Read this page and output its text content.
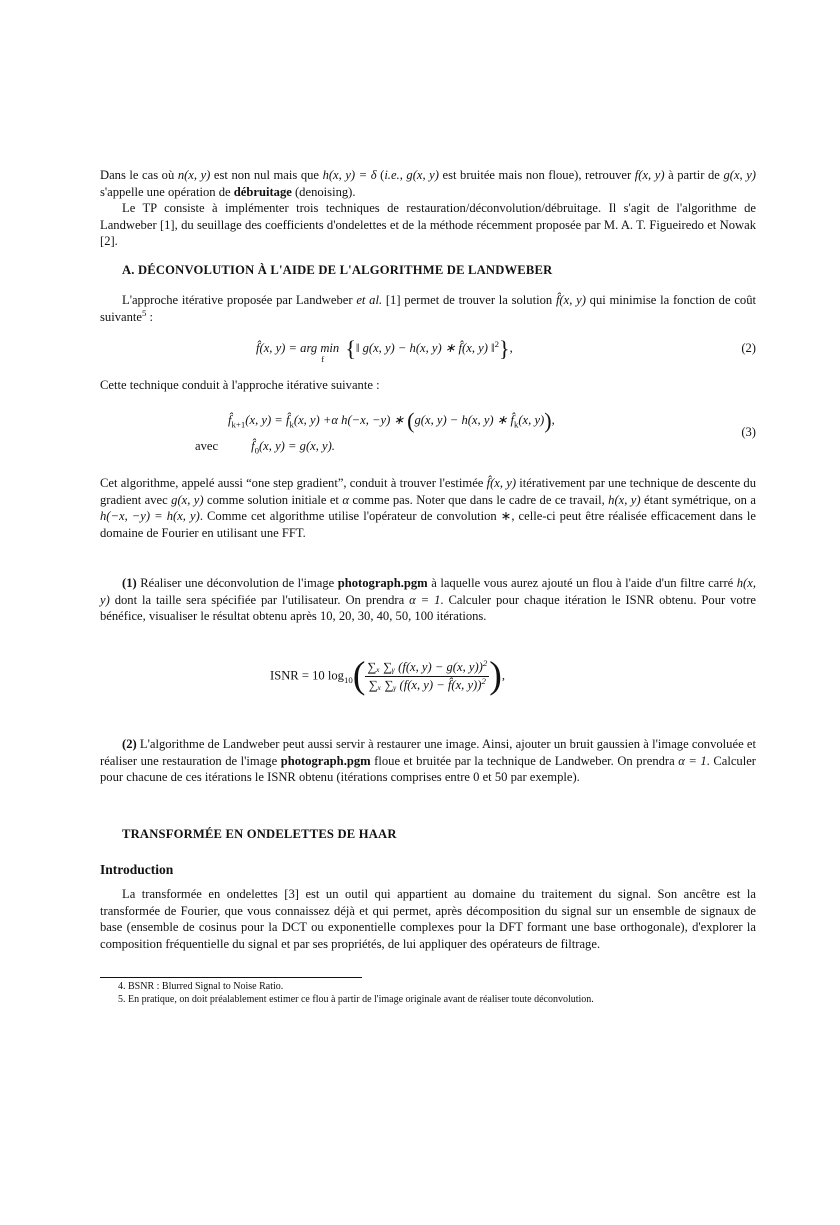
Dans le cas où n(x, y) est non nul mais que h(x, y) = δ (i.e., g(x, y) est bruitée mais non floue), retrouver f(x, y) à partir de g(x, y) s'appelle une opération de débruitage (denoising).
Le TP consiste à implémenter trois techniques de restauration/déconvolution/débruitage. Il s'agit de l'algorithme de Landweber [1], du seuillage des coefficients d'ondelettes et de la méthode récemment proposée par M. A. T. Figueiredo et Nowak [2].
A. DÉCONVOLUTION À L'AIDE DE L'ALGORITHME DE LANDWEBER
L'approche itérative proposée par Landweber et al. [1] permet de trouver la solution f̂(x, y) qui minimise la fonction de coût suivante$^5$ :
f̂(x, y) = arg $\min_f$ {‖ g(x, y) − h(x, y) ∗ f̂(x, y) ‖$^2$},	(2)
Cette technique conduit à l'approche itérative suivante :
$f̂_{k+1}(x$, $y) = f̂_k(x$, y) +α h(−x, −y) ∗ (g(x, y) − h(x, y) ∗ $f̂_k(x$, y)),
avec	$f̂_0(x$, y) = g(x, y).
(3)
Cet algorithme, appelé aussi “one step gradient”, conduit à trouver l'estimée f̂(x, y) itérativement par une technique de descente du gradient avec g(x, y) comme solution initiale et α comme pas. Noter que dans le cadre de ce travail, h(x, y) étant symétrique, on a h(−x, −y) = h(x, y). Comme cet algorithme utilise l'opérateur de convolution ∗, celle-ci peut être réalisée efficacement dans le domaine de Fourier en utilisant une FFT.
(1) Réaliser une déconvolution de l'image photograph.pgm à laquelle vous aurez ajouté un flou à l'aide d'un filtre carré h(x, y) dont la taille sera spécifiée par l'utilisateur. On prendra α = 1. Calculer pour chaque itération le ISNR obtenu. Pour votre bénéfice, visualiser le résultat obtenu après 10, 20, 30, 40, 50, 100 itérations.
ISNR = 10 $\log_{10}( \frac{\sum_x \sum ᵧ (f(x, y) - g(x, y))^2}{\sum_x \sum ᵧ (f(x, y) - f̂(x, y))^2}$ ),
(2) L'algorithme de Landweber peut aussi servir à restaurer une image. Ainsi, ajouter un bruit gaussien à l'image convoluée et réaliser une restauration de l'image photograph.pgm floue et bruitée par la technique de Landweber. On prendra α = 1. Calculer pour chacune de ces itérations le ISNR obtenu (itérations comprises entre 0 et 50 par exemple).
TRANSFORMÉE EN ONDELETTES DE HAAR
Introduction
La transformée en ondelettes [3] est un outil qui appartient au domaine du traitement du signal. Son ancêtre est la transformée de Fourier, que vous connaissez déjà et qui permet, après décomposition du signal sur un ensemble de signaux de base (ensemble de cosinus pour la DCT ou exponentielle complexes pour la DFT formant une base orthogonale), d'explorer la composition fréquentielle du signal et par ses propriétés, de lui appliquer des opérateurs de filtrage.
4. BSNR : Blurred Signal to Noise Ratio.
5. En pratique, on doit préalablement estimer ce flou à partir de l'image originale avant de réaliser toute déconvolution.
